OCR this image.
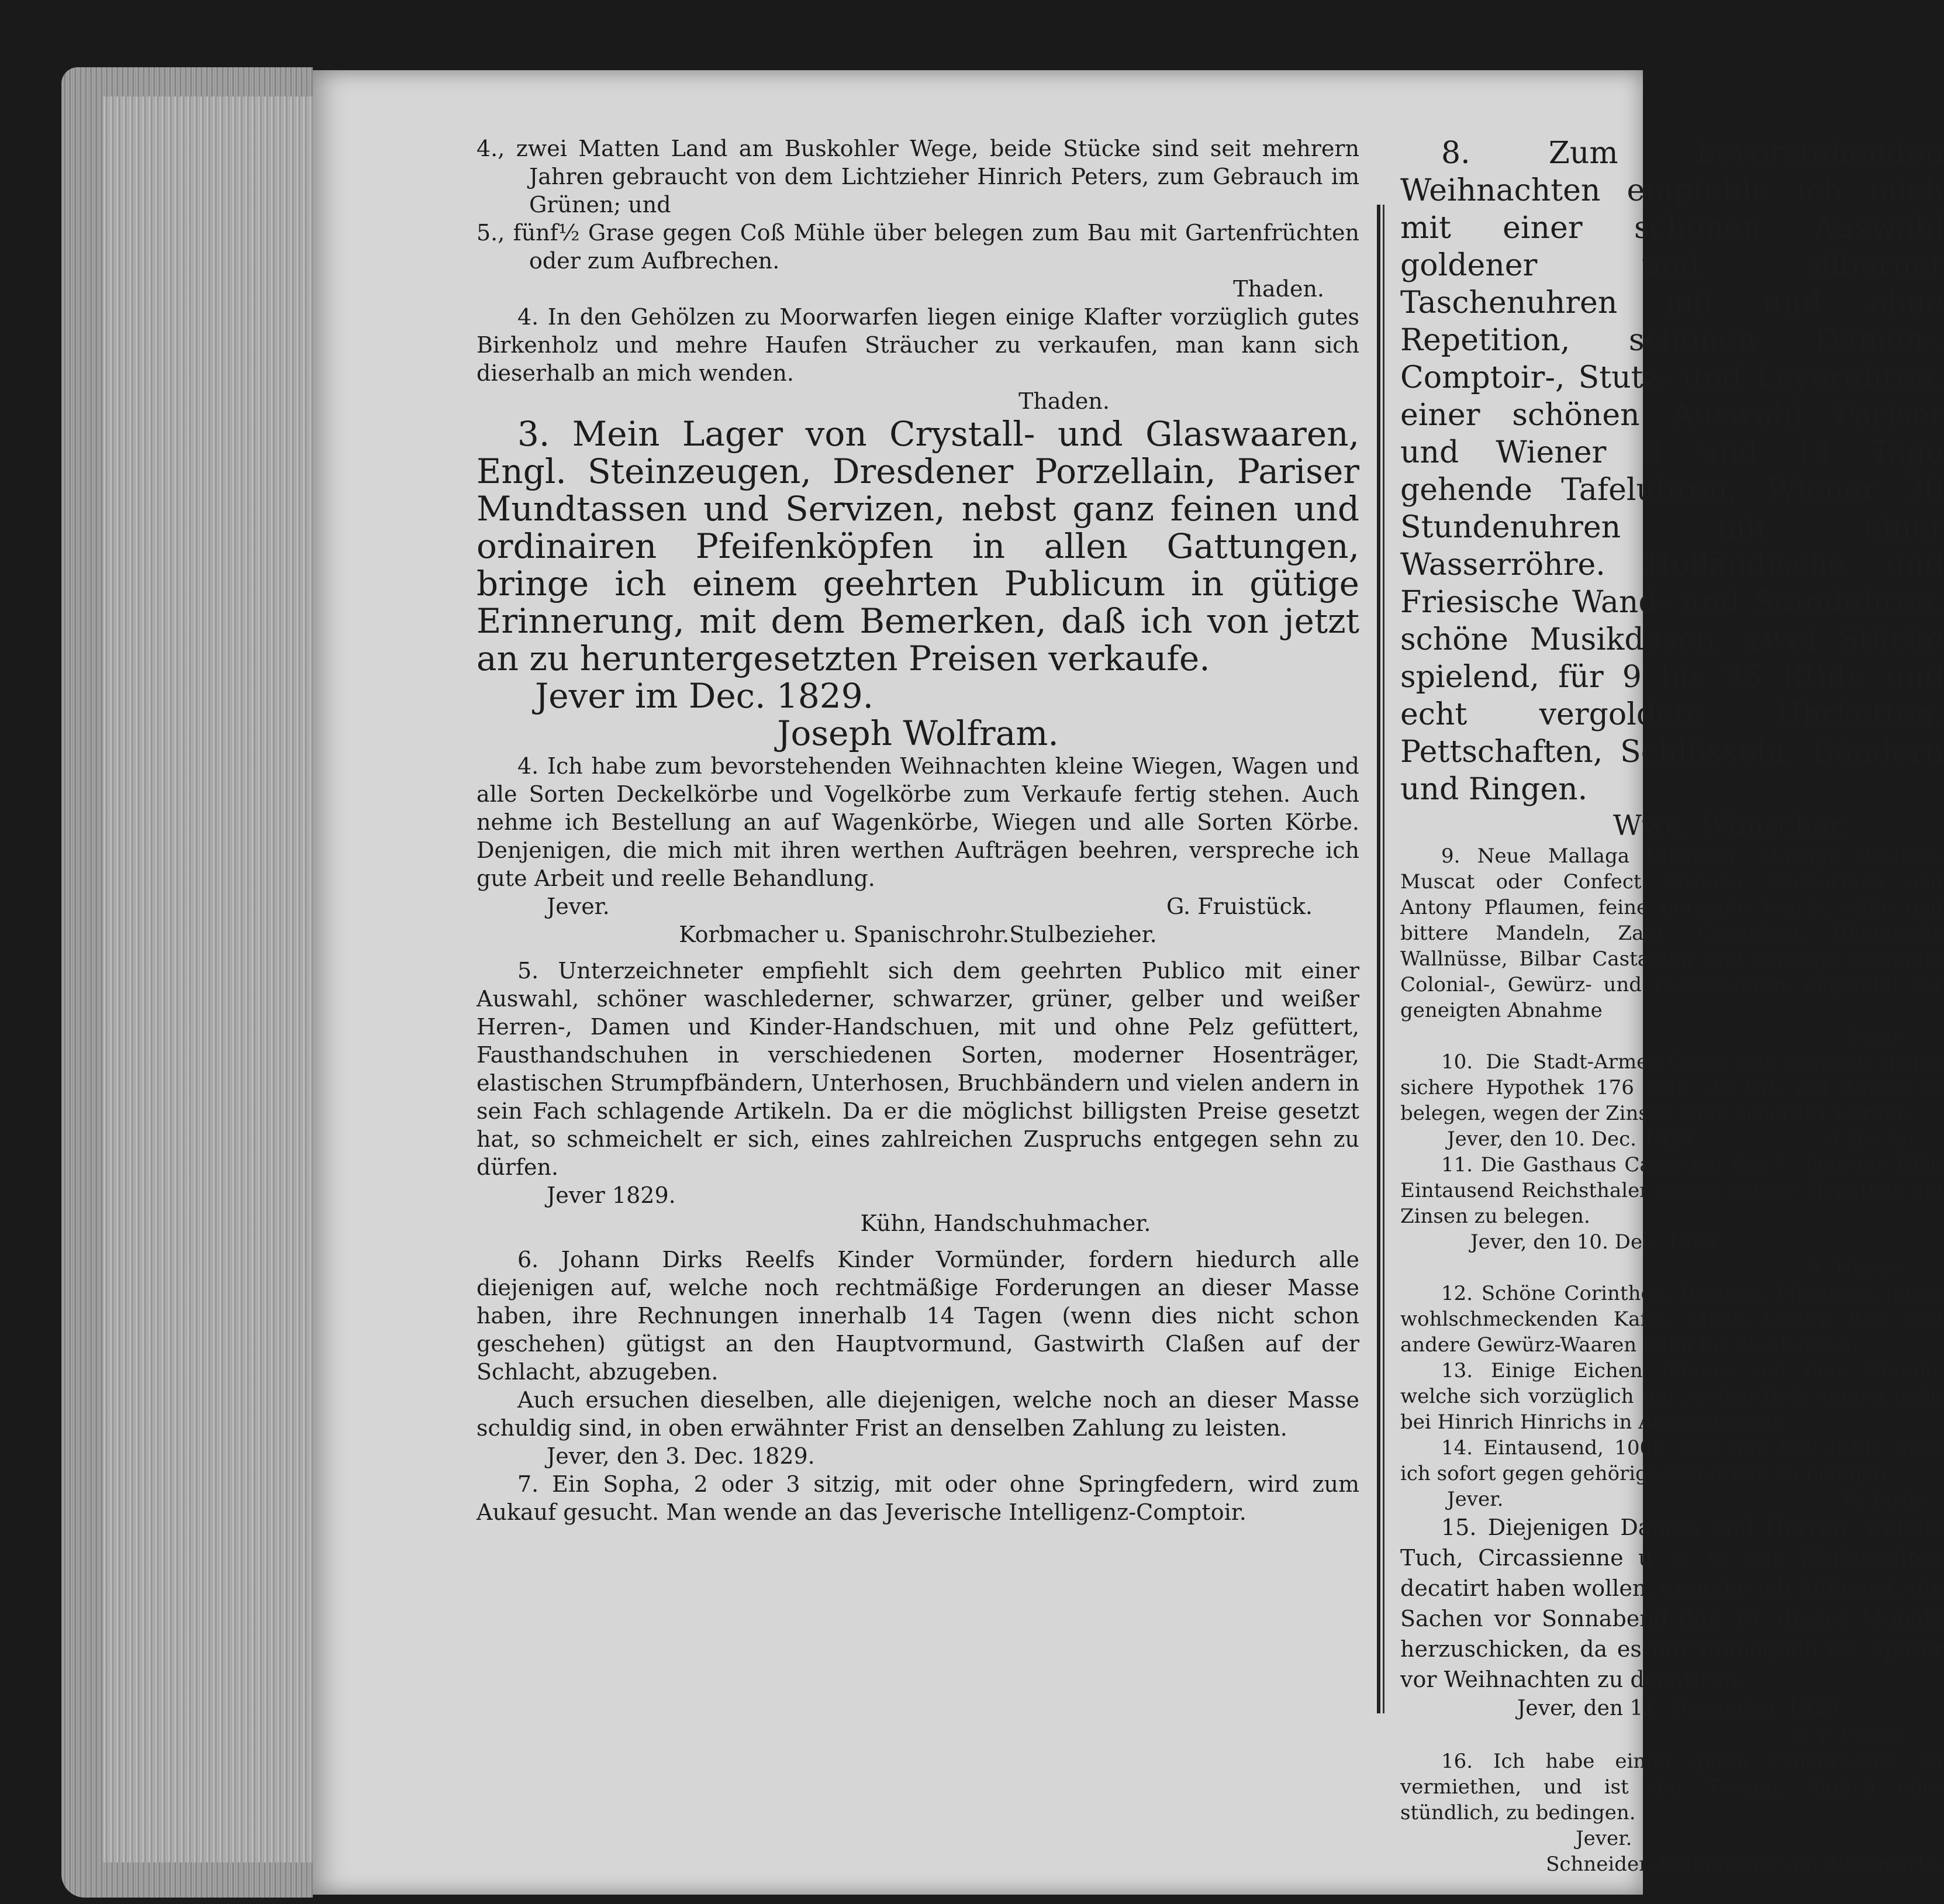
4., zwei Matten Land am Buskohler Wege, beide Stücke sind seit mehrern Jahren gebraucht von dem Lichtzieher Hinrich Peters, zum Gebrauch im Grünen; und

5., fünf½ Grase gegen Coß Mühle über belegen zum Bau mit Gartenfrüchten oder zum Aufbrechen.

Thaden.

4. In den Gehölzen zu Moorwarfen liegen einige Klafter vorzüglich gutes Birkenholz und mehre Haufen Sträucher zu verkaufen, man kann sich dieserhalb an mich wenden.

Thaden.

3. Mein Lager von Crystall- und Glaswaaren, Engl. Steinzeugen, Dresdener Porzellain, Pariser Mundtassen und Servizen, nebst ganz feinen und ordinairen Pfeifenköpfen in allen Gattungen, bringe ich einem geehrten Publicum in gütige Erinnerung, mit dem Bemerken, daß ich von jetzt an zu heruntergesetzten Preisen verkaufe.

Jever im Dec. 1829.

Joseph Wolfram.

4. Ich habe zum bevorstehenden Weihnachten kleine Wiegen, Wagen und alle Sorten Deckelkörbe und Vogelkörbe zum Verkaufe fertig stehen. Auch nehme ich Bestellung an auf Wagenkörbe, Wiegen und alle Sorten Körbe. Denjenigen, die mich mit ihren werthen Aufträgen beehren, verspreche ich gute Arbeit und reelle Behandlung.

Jever.	G. Fruistück.

Korbmacher u. Spanischrohr.Stulbezieher.

5. Unterzeichneter empfiehlt sich dem geehrten Publico mit einer Auswahl, schöner waschlederner, schwarzer, grüner, gelber und weißer Herren-, Damen und Kinder-Handschuen, mit und ohne Pelz gefüttert, Fausthandschuhen in verschiedenen Sorten, moderner Hosenträger, elastischen Strumpfbändern, Unterhosen, Bruchbändern und vielen andern in sein Fach schlagende Artikeln. Da er die möglichst billigsten Preise gesetzt hat, so schmeichelt er sich, eines zahlreichen Zuspruchs entgegen sehn zu dürfen.

Jever 1829.

Kühn, Handschuhmacher.

6. Johann Dirks Reelfs Kinder Vormünder, fordern hiedurch alle diejenigen auf, welche noch rechtmäßige Forderungen an dieser Masse haben, ihre Rechnungen innerhalb 14 Tagen (wenn dies nicht schon geschehen) gütigst an den Hauptvormund, Gastwirth Claßen auf der Schlacht, abzugeben.

Auch ersuchen dieselben, alle diejenigen, welche noch an dieser Masse schuldig sind, in oben erwähnter Frist an denselben Zahlung zu leisten.

Jever, den 3. Dec. 1829.

7. Ein Sopha, 2 oder 3 sitzig, mit oder ohne Springfedern, wird zum Aukauf gesucht. Man wende an das Jeverische Intelligenz-Comptoir.

8. Zum bevorstehenden Weihnachten empfehle ich mich mit einer schönen Auswahl goldener und silberner Taschenuhren mit und ohne Repetition, schönen Damen-, Comptoir-, Stutz- und Leyeruhren, einer schönen Auswahl Pariser und Wiener 8 und 14 Tage gehende Tafeluhren, Wiener 30 Stundenuhren mit einer Wasserröhre. Holländische und Friesische Wand- und Standuhren, schöne Musikdosen, zwei Stücke spielend, für 9 bis 25 Rthlr. und echt vergoldete Uhrketten, Pettschaften, Schlüsseln, Bändern und Ringen.

Wwe. Wünscher.

9. Neue Mallaga Citronen, Mallaga Rosinen, Muscat oder Confect Rosinen, Catharinen und Antony Pflaumen, feine geraspte krack-, süße und bittere Mandeln, Zant. Corinthen, Rheinische Wallnüsse, Bilbar Castanien und sonstige bekannte Colonial-, Gewürz- und Farbewaaren, empfiehlt zur geneigten Abnahme

Jürgs.

10. Die Stadt-Armen-Casse hat sogleich gegen sichere Hypothek 176 Rthl. 36 Grt. auf Zinsen zu belegen, wegen der Zinsen kann accordirt werden.

Jever, den 10. Dec. 1829.	A Hector.

11. Die Gasthaus Casse hat den 1. Februar 1830 Eintausend Reichsthaler gegen sichere Hypothek auf Zinsen zu belegen.

Jever, den 10. Dec. 1829.

A. Hector.

12. Schöne Corinthen, Rosinen, Pflaumen, guten wohlschmeckenden Kaffe, Melis, Candy, Reis und andere Gewürz-Waaren billig bei Neßhausen.

13. Einige Eichen Bäume, auf dem Stamm, welche sich vorzüglich gut zu Bau-Holz eignen billig bei Hinrich Hinrichs in Addernhausen.

14. Eintausend, 1000, 800 und 600 Rthlr. habe ich sofort gegen gehörige Sicherheit zu belegen.

Jever.	W. Jaritz.

15. Diejenigen Damen und Herren, welche Tuch, Circassienne u. s. w. vor Weihnachten decatirt haben wollen, ersuche ich höflichst, die Sachen vor Sonnabend den 19. dieses Monats herzuschicken, da es mir unmöglich ist, später vor Weihnachten zu decatiren.

Jever, den 11. December 1829.

T. T. Friese.

16. Ich habe einen guten Fruchtweber zu vermiethen, und ist der Termin, täglich oder stündlich, zu bedingen.

Jever.

Schneider, Stellmacher am Altenmarkt.
